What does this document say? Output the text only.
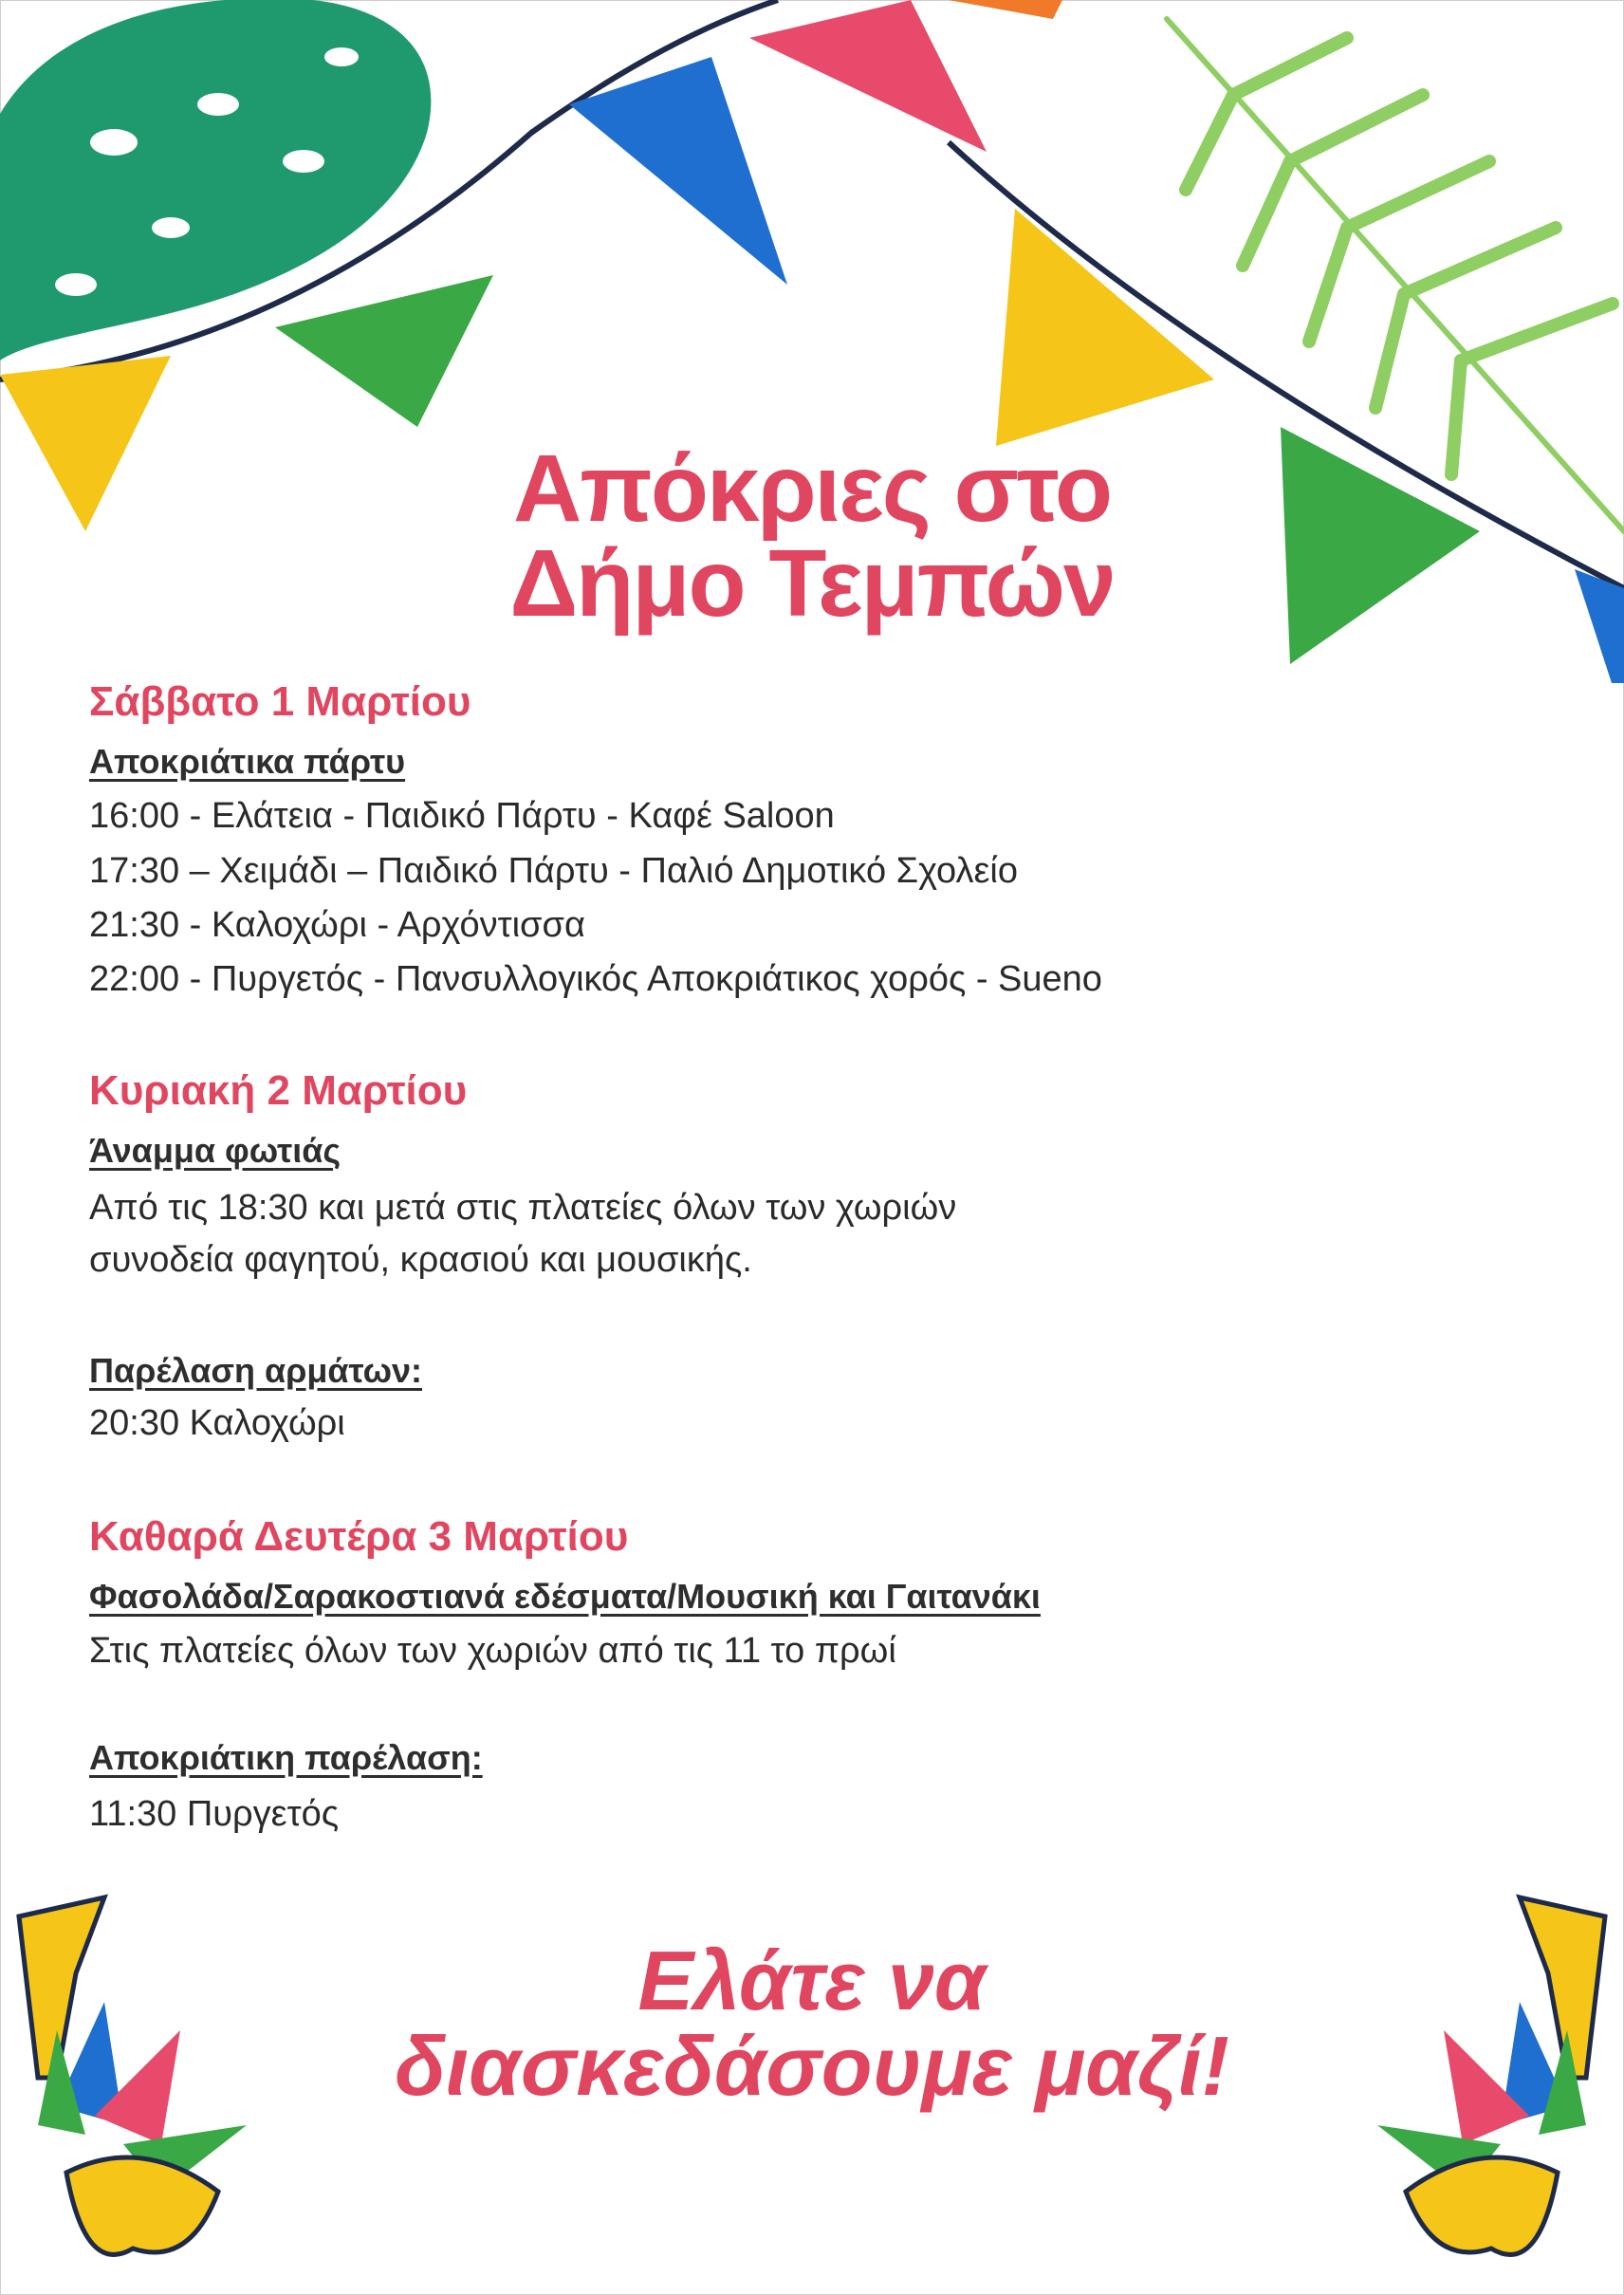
Απόκριες στο
Δήμο Τεμπών
Σάββατο 1 Μαρτίου
Αποκριάτικα πάρτυ
16:00 - Ελάτεια - Παιδικό Πάρτυ - Καφέ Saloon
17:30 – Χειμάδι – Παιδικό Πάρτυ - Παλιό Δημοτικό Σχολείο
21:30 - Καλοχώρι - Αρχόντισσα
22:00 - Πυργετός - Πανσυλλογικός Αποκριάτικος χορός - Sueno
Κυριακή 2 Μαρτίου
Άναμμα φωτιάς
Από τις 18:30 και μετά στις πλατείες όλων των χωριών
συνοδεία φαγητού, κρασιού και μουσικής.
Παρέλαση αρμάτων:
20:30 Καλοχώρι
Καθαρά Δευτέρα 3 Μαρτίου
Φασολάδα/Σαρακοστιανά εδέσματα/Μουσική και Γαιτανάκι
Στις πλατείες όλων των χωριών από τις 11 το πρωί
Αποκριάτικη παρέλαση:
11:30 Πυργετός
Ελάτε να
διασκεδάσουμε μαζί!
